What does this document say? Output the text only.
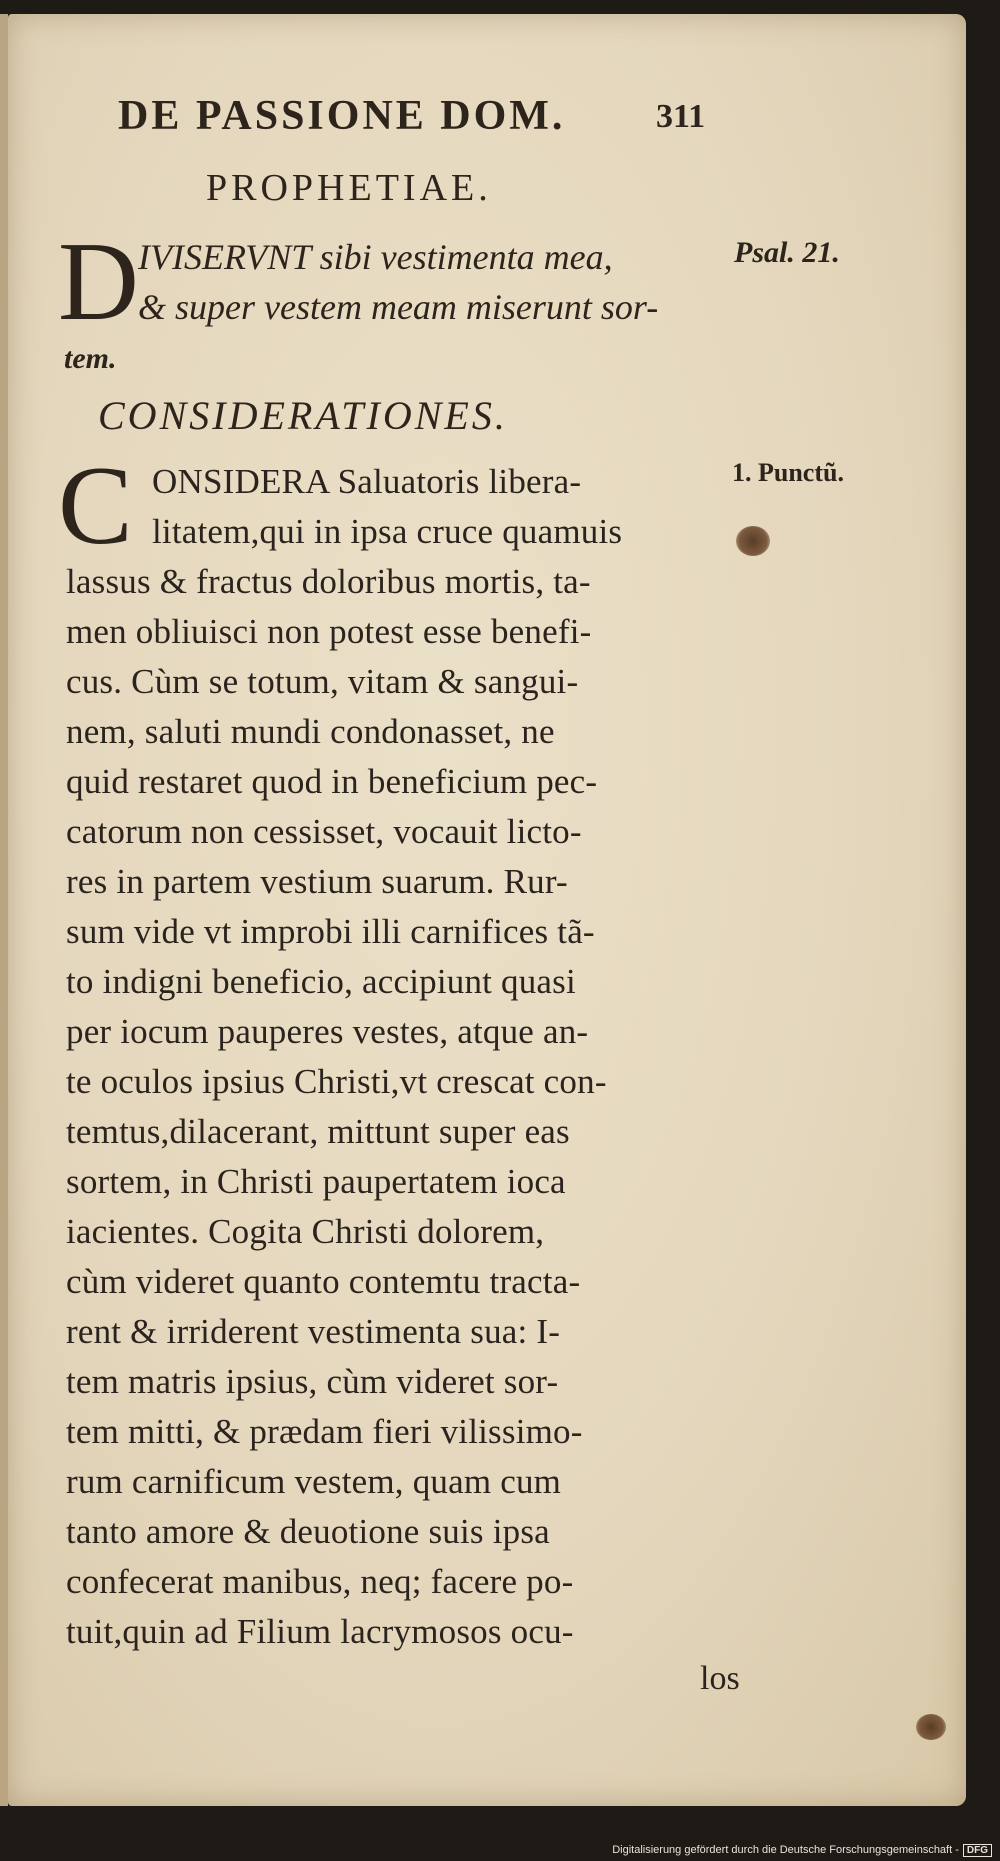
DE PASSIONE DOM.	311
PROPHETIAE.
D IVISERVNT sibi vestimenta mea,
& super vestem meam miserunt sor-
tem.
Psal. 21.
CONSIDERATIONES.
C	1. Punctũ.
ONSIDERA Saluatoris libera-
litatem,qui in ipsa cruce quamuis
lassus & fractus doloribus mortis, ta-
men obliuisci non potest esse benefi-
cus. Cùm se totum, vitam & sangui-
nem, saluti mundi condonasset, ne
quid restaret quod in beneficium pec-
catorum non cessisset, vocauit licto-
res in partem vestium suarum. Rur-
sum vide vt improbi illi carnifices tã-
to indigni beneficio, accipiunt quasi
per iocum pauperes vestes, atque an-
te oculos ipsius Christi,vt crescat con-
temtus,dilacerant, mittunt super eas
sortem, in Christi paupertatem ioca
iacientes. Cogita Christi dolorem,
cùm videret quanto contemtu tracta-
rent & irriderent vestimenta sua: I-
tem matris ipsius, cùm videret sor-
tem mitti, & prædam fieri vilissimo-
rum carnificum vestem, quam cum
tanto amore & deuotione suis ipsa
confecerat manibus, neq; facere po-
tuit,quin ad Filium lacrymosos ocu-
los
Digitalisierung gefördert durch die Deutsche Forschungsgemeinschaft - DFG
